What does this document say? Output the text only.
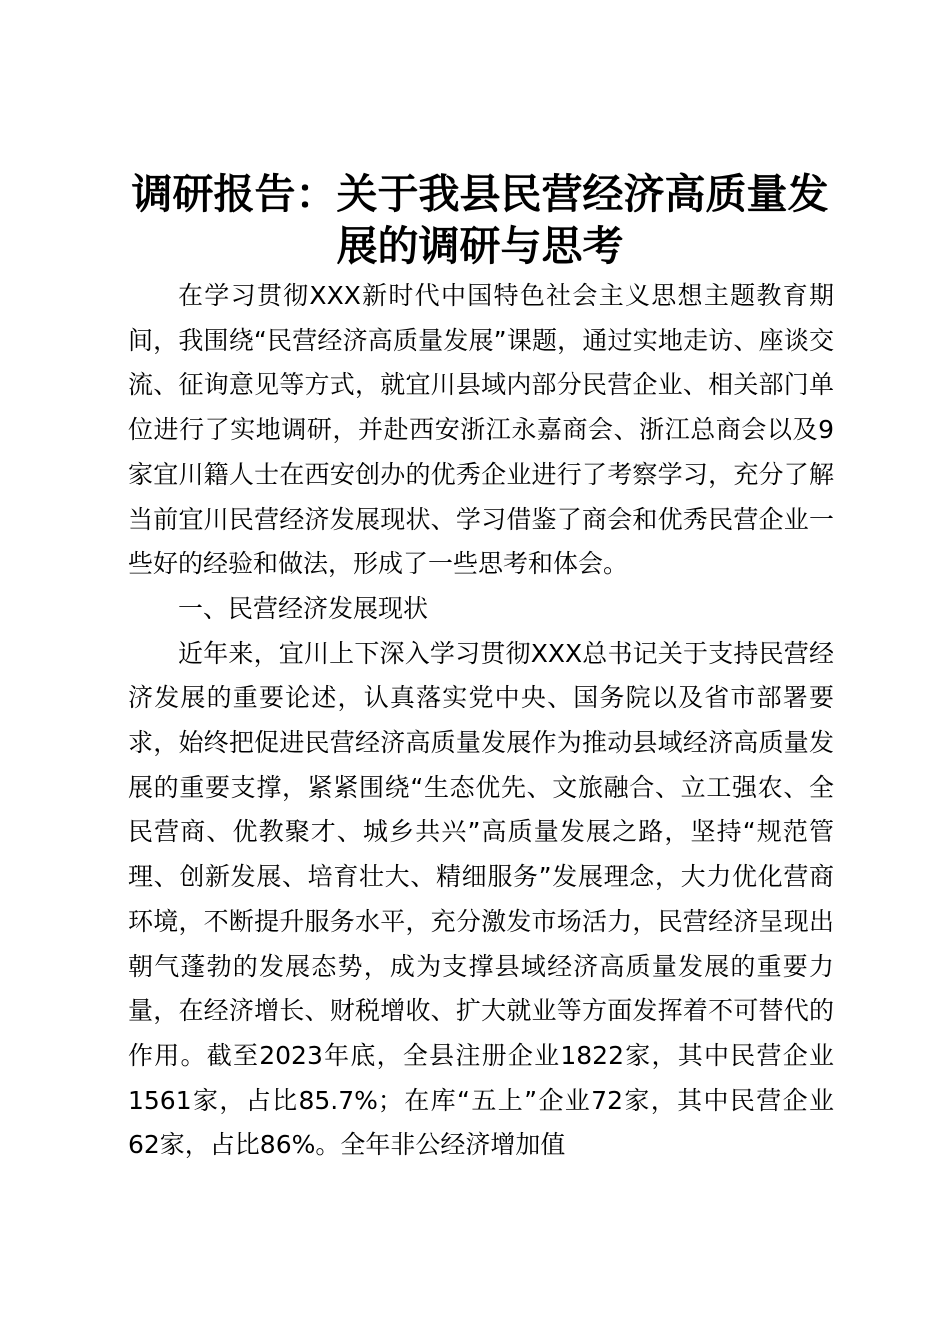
调研报告：关于我县民营经济高质量发展的调研与思考

在学习贯彻XXX新时代中国特色社会主义思想主题教育期间，我围绕“民营经济高质量发展”课题，通过实地走访、座谈交流、征询意见等方式，就宜川县域内部分民营企业、相关部门单位进行了实地调研，并赴西安浙江永嘉商会、浙江总商会以及9家宜川籍人士在西安创办的优秀企业进行了考察学习，充分了解当前宜川民营经济发展现状、学习借鉴了商会和优秀民营企业一些好的经验和做法，形成了一些思考和体会。

一、民营经济发展现状

近年来，宜川上下深入学习贯彻XXX总书记关于支持民营经济发展的重要论述，认真落实党中央、国务院以及省市部署要求，始终把促进民营经济高质量发展作为推动县域经济高质量发展的重要支撑，紧紧围绕“生态优先、文旅融合、立工强农、全民营商、优教聚才、城乡共兴”高质量发展之路，坚持“规范管理、创新发展、培育壮大、精细服务”发展理念，大力优化营商环境，不断提升服务水平，充分激发市场活力，民营经济呈现出朝气蓬勃的发展态势，成为支撑县域经济高质量发展的重要力量，在经济增长、财税增收、扩大就业等方面发挥着不可替代的作用。截至2023年底，全县注册企业1822家，其中民营企业1561家，占比85.7%；在库“五上”企业72家，其中民营企业62家，占比86%。全年非公经济增加值
